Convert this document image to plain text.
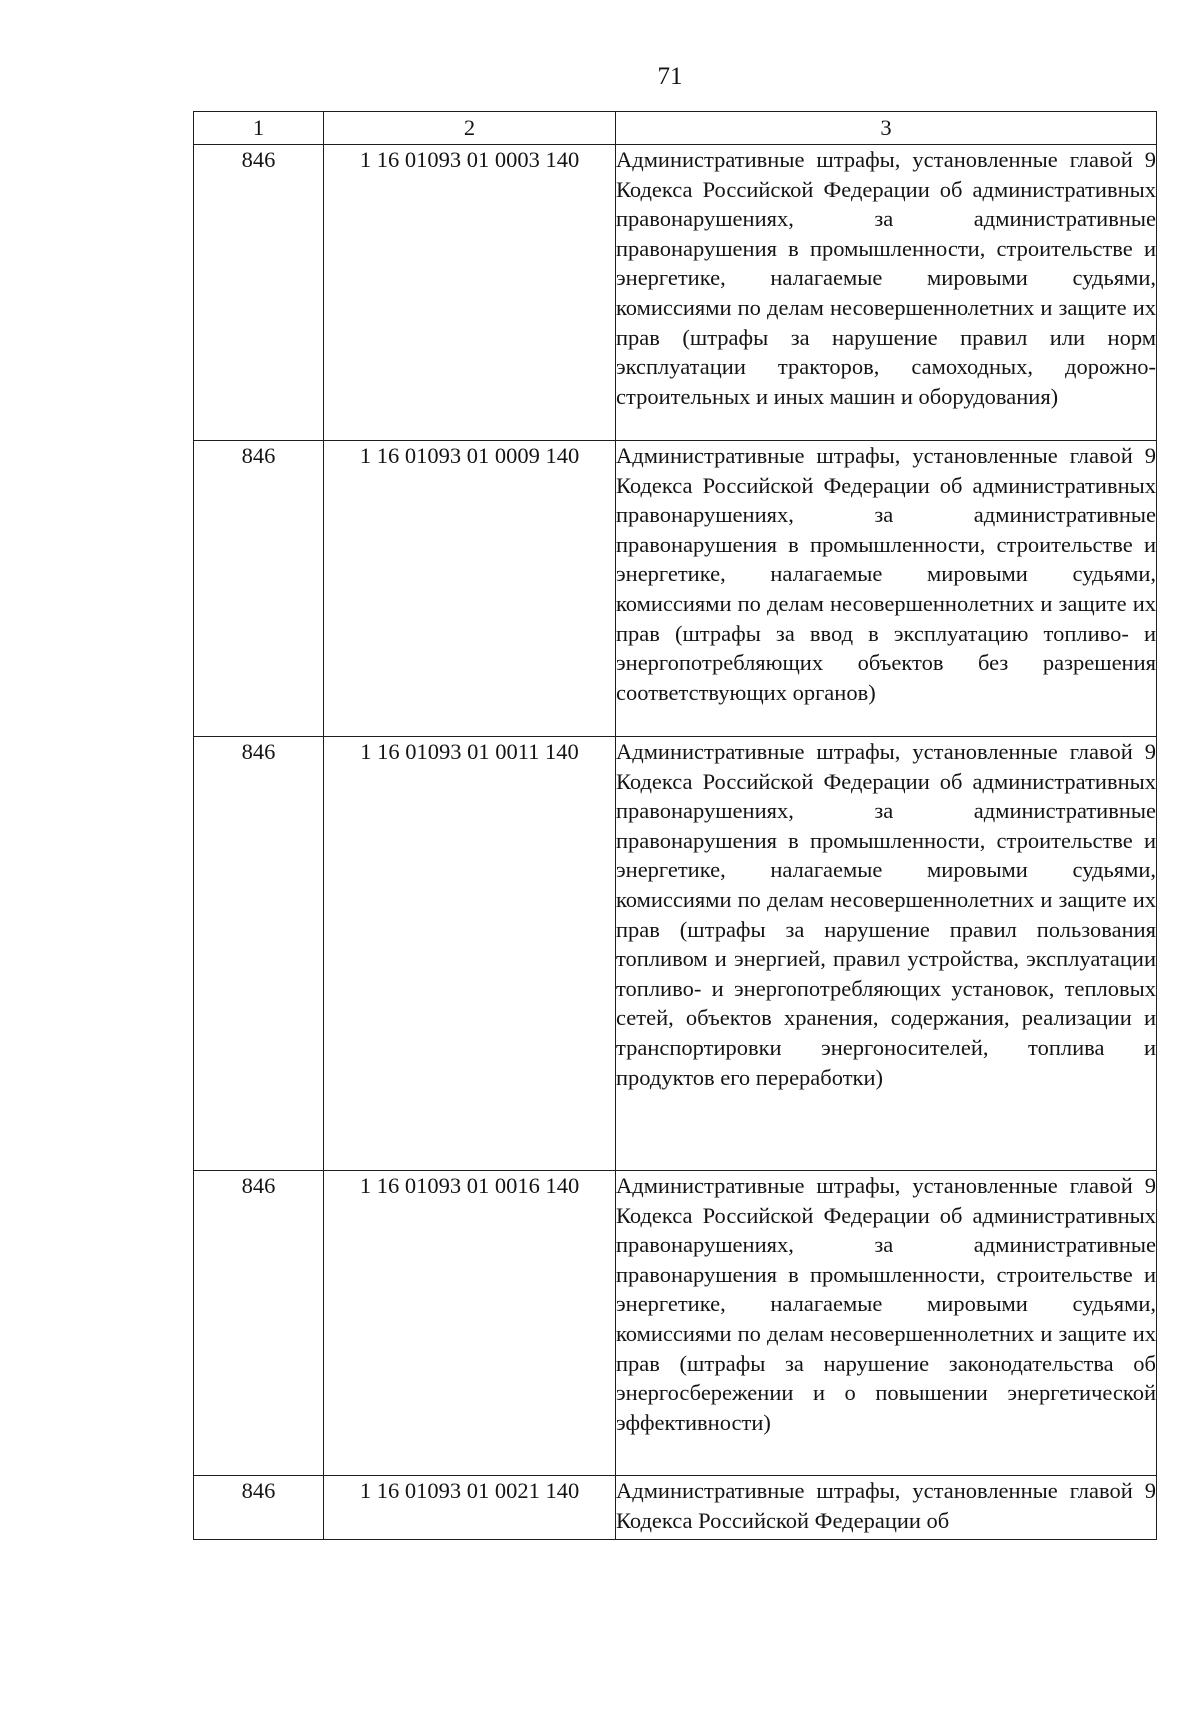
71
1	2	3
846	1 16 01093 01 0003 140	Административные штрафы, установленные главой 9 Кодекса Российской Федерации об административных правонарушениях, за административные правонарушения в промышленности, строительстве и энергетике, налагаемые мировыми судьями, комиссиями по делам несовершеннолетних и защите их прав (штрафы за нарушение правил или норм эксплуатации тракторов, самоходных, дорожно-строительных и иных машин и оборудования)
846	1 16 01093 01 0009 140	Административные штрафы, установленные главой 9 Кодекса Российской Федерации об административных правонарушениях, за административные правонарушения в промышленности, строительстве и энергетике, налагаемые мировыми судьями, комиссиями по делам несовершеннолетних и защите их прав (штрафы за ввод в эксплуатацию топливо- и энергопотребляющих объектов без разрешения соответствующих органов)
846	1 16 01093 01 0011 140	Административные штрафы, установленные главой 9 Кодекса Российской Федерации об административных правонарушениях, за административные правонарушения в промышленности, строительстве и энергетике, налагаемые мировыми судьями, комиссиями по делам несовершеннолетних и защите их прав (штрафы за нарушение правил пользования топливом и энергией, правил устройства, эксплуатации топливо- и энергопотребляющих установок, тепловых сетей, объектов хранения, содержания, реализации и транспортировки энергоносителей, топлива и продуктов его переработки)
846	1 16 01093 01 0016 140	Административные штрафы, установленные главой 9 Кодекса Российской Федерации об административных правонарушениях, за административные правонарушения в промышленности, строительстве и энергетике, налагаемые мировыми судьями, комиссиями по делам несовершеннолетних и защите их прав (штрафы за нарушение законодательства об энергосбережении и о повышении энергетической эффективности)
846	1 16 01093 01 0021 140	Административные штрафы, установленные главой 9 Кодекса Российской Федерации об
